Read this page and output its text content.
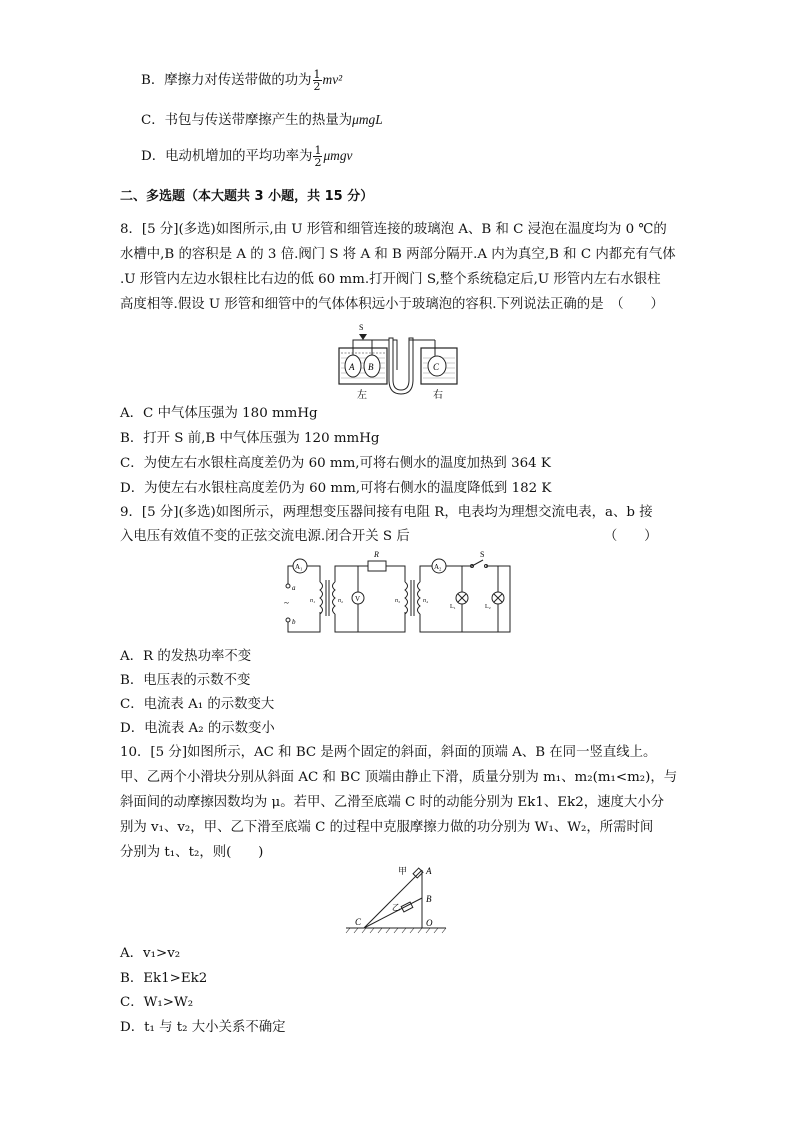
B．摩擦力对传送带做的功为 $\frac{1}{2} mv^2$
C．书包与传送带摩擦产生的热量为μmgL
D．电动机增加的平均功率为 $\frac{1}{2}$ μmgv
二、多选题（本大题共 3 小题，共 15 分）
8．[5 分](多选)如图所示,由 U 形管和细管连接的玻璃泡 A、B 和 C 浸泡在温度均为 0 ℃的
水槽中,B 的容积是 A 的 3 倍.阀门 S 将 A 和 B 两部分隔开.A 内为真空,B 和 C 内都充有气体
.U 形管内左边水银柱比右边的低 60 mm.打开阀门 S,整个系统稳定后,U 形管内左右水银柱
高度相等.假设 U 形管和细管中的气体体积远小于玻璃泡的容积.下列说法正确的是　（　　）
S
A B	C
左	右
A．C 中气体压强为 180 mmHg
B．打开 S 前,B 中气体压强为 120 mmHg
C．为使左右水银柱高度差仍为 60 mm,可将右侧水的温度加热到 364 K
D．为使左右水银柱高度差仍为 60 mm,可将右侧水的温度降低到 182 K
9．[5 分](多选)如图所示，两理想变压器间接有电阻 R，电表均为理想交流电表，a、b 接
入电压有效值不变的正弦交流电源.闭合开关 S 后　　　　　　　　　　　　　　　（　　）
A₁	A₂
V
R	S
a
b
~	n₁	n₂	n₃	n₄
L₁	L₂
A．R 的发热功率不变
B．电压表的示数不变
C．电流表 A₁ 的示数变大
D．电流表 A₂ 的示数变小
10．[5 分]如图所示，AC 和 BC 是两个固定的斜面，斜面的顶端 A、B 在同一竖直线上。
甲、乙两个小滑块分别从斜面 AC 和 BC 顶端由静止下滑，质量分别为 m₁、m₂(m₁<m₂)，与
斜面间的动摩擦因数均为 μ。若甲、乙滑至底端 C 时的动能分别为 Ek1、Ek2，速度大小分
别为 v₁、v₂，甲、乙下滑至底端 C 的过程中克服摩擦力做的功分别为 W₁、W₂，所需时间
分别为 t₁、t₂，则(　　)
甲
乙
A
B
C	O
A．v₁>v₂
B．Ek1>Ek2
C．W₁>W₂
D．t₁ 与 t₂ 大小关系不确定
